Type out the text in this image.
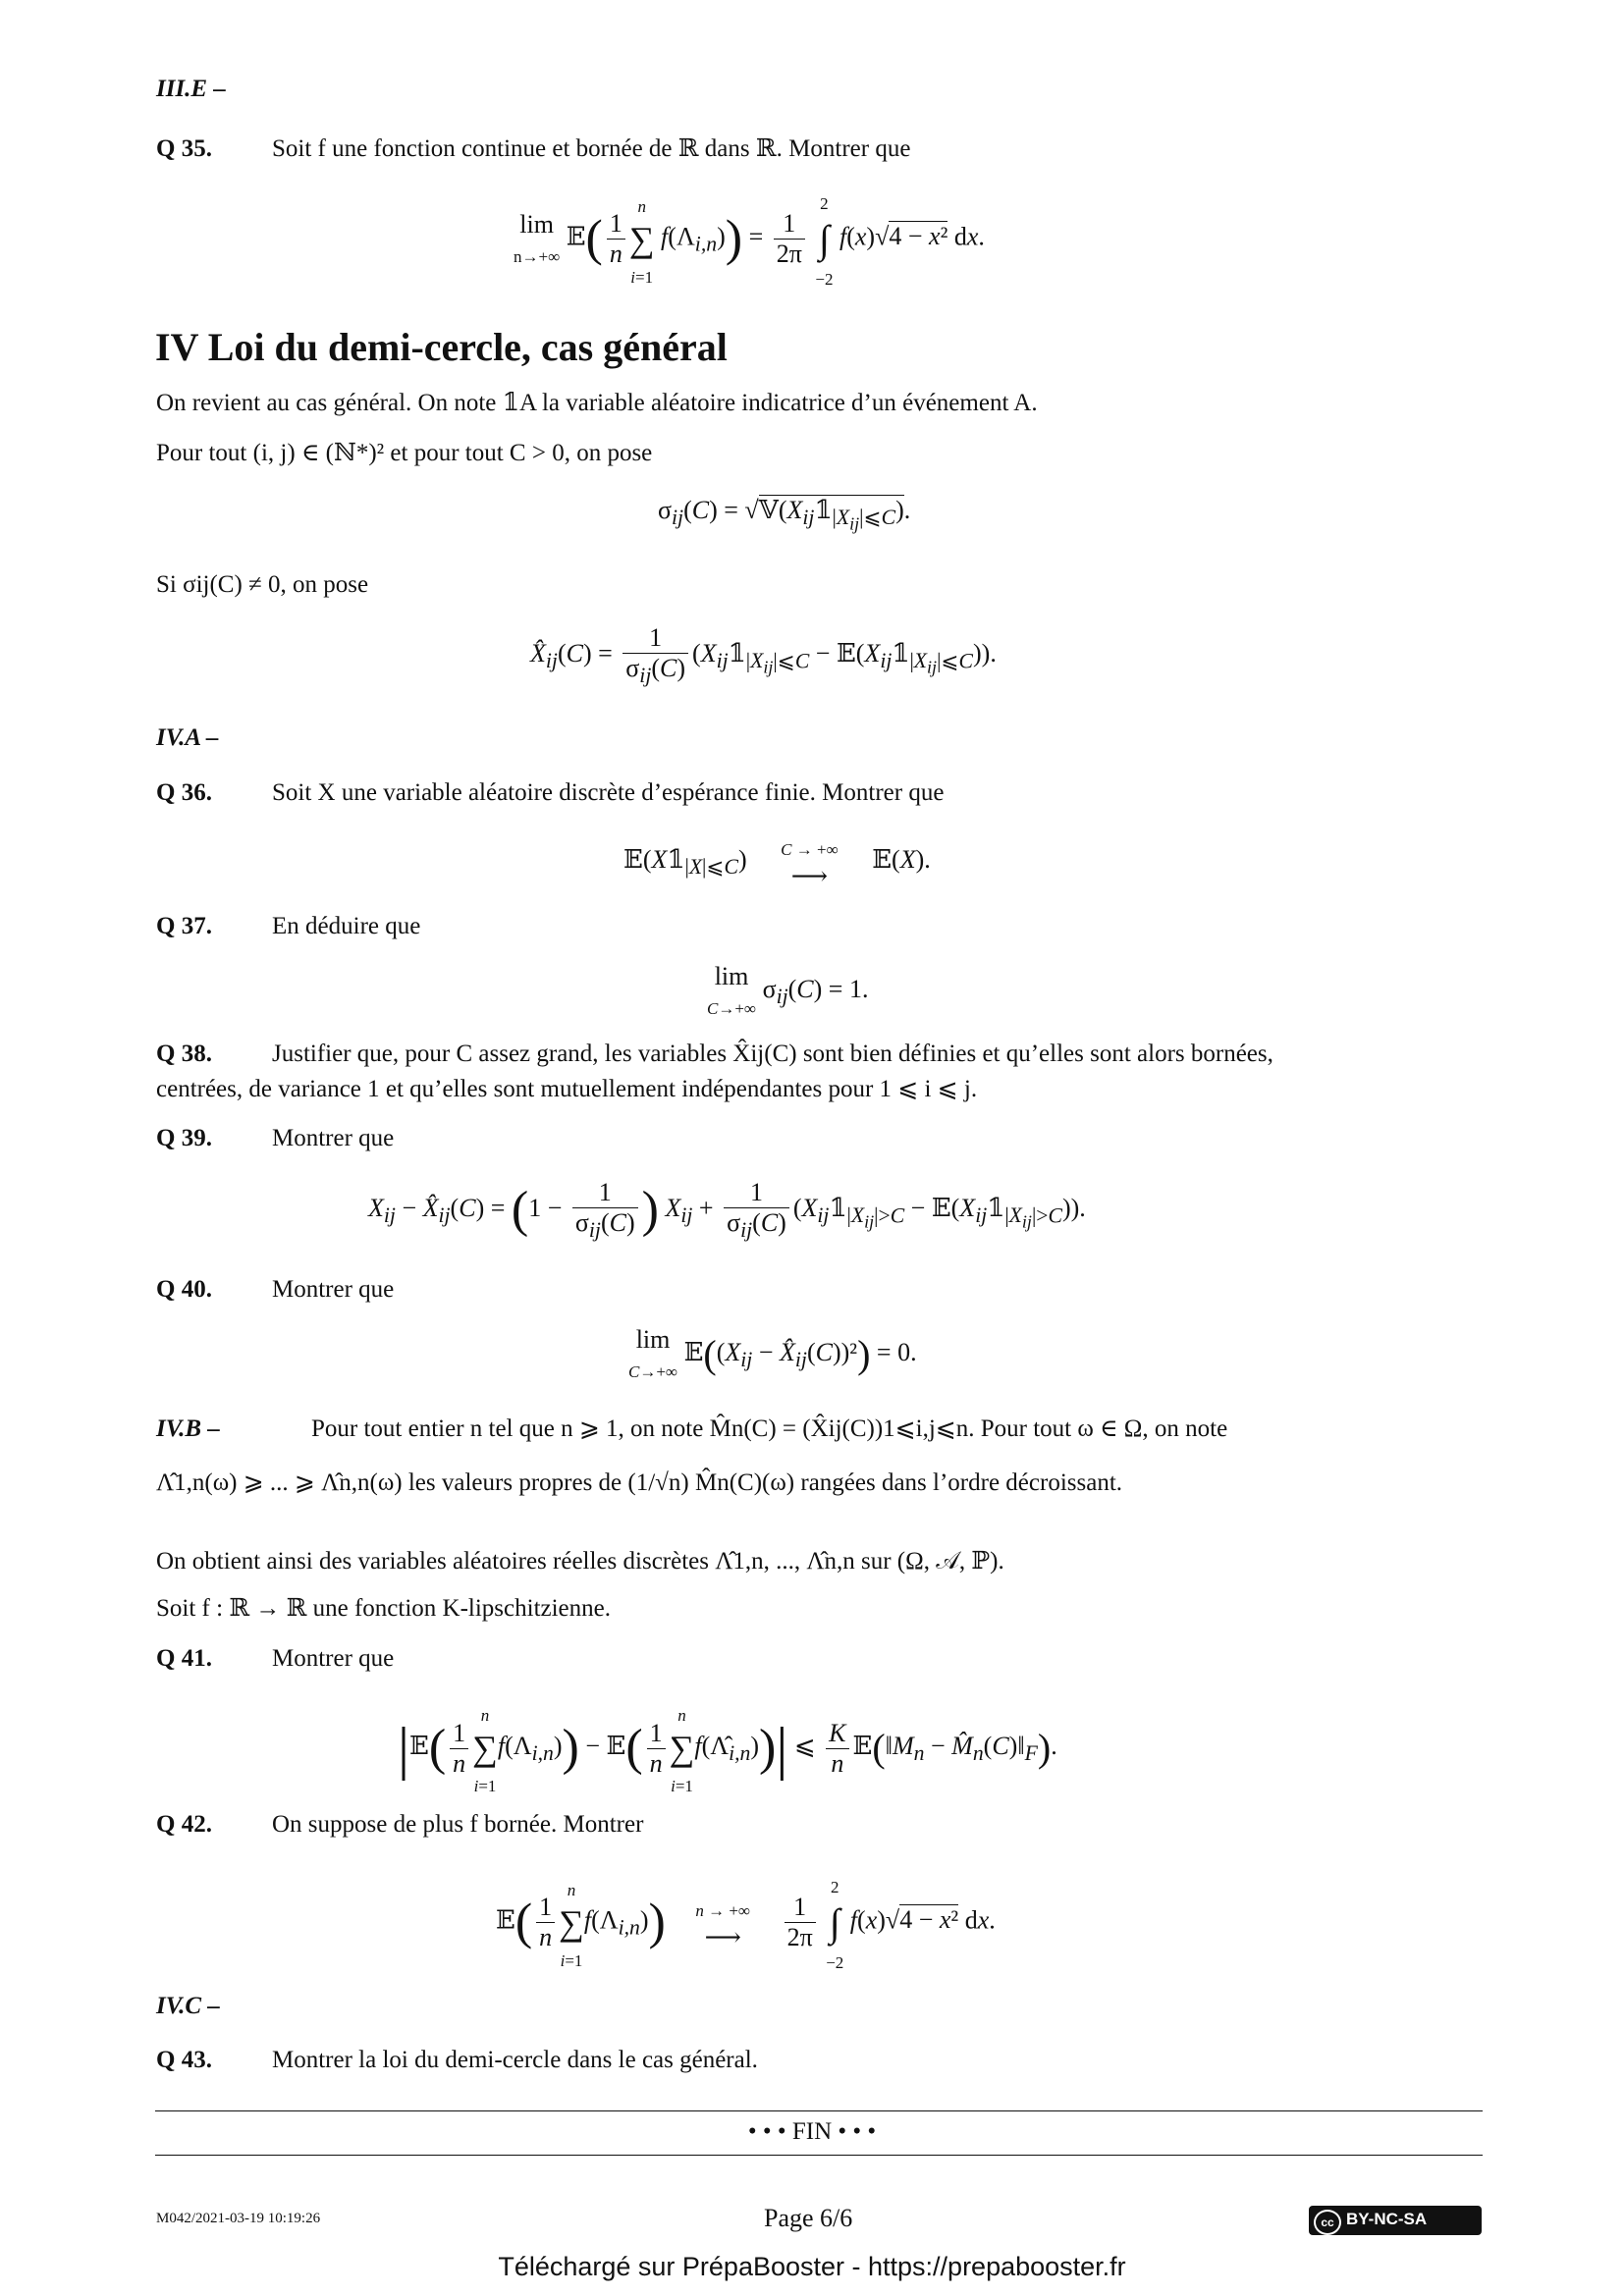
III.E –
Q 35. Soit f une fonction continue et bornée de ℝ dans ℝ. Montrer que
lim
n→+∞ 𝔼( $\frac{1}{n}$
n
∑
i=1 $f(\Lambda_{i,n})) = \frac{1}{2\pi}$
2
∫
−2 f(x)√4 − x² dx.
IV Loi du demi-cercle, cas général
On revient au cas général. On note 𝟙A la variable aléatoire indicatrice d’un événement A.
Pour tout (i, j) ∈ (ℕ*)² et pour tout C > 0, on pose
$\sigma_{ij}(C)$ = $√𝕍(X_{ij}𝟙_{|X_{ij}|⩽C})$.
Si σij(C) ≠ 0, on pose
$X̂_{ij}(C) = \frac{1}{\sigma_{ij}(C)}$ ($X_{ij}𝟙_{|X_{ij}|⩽C}$ − $𝔼(X_{ij}𝟙_{|X_{ij}|⩽C})$).
IV.A –
Q 36. Soit X une variable aléatoire discrète d’espérance finie. Montrer que
$𝔼(X𝟙_{|X|⩽C}) C$ → +∞
⟶ 𝔼(X).
Q 37. En déduire que
lim
C→+∞ $\sigma_{ij}(C) = 1$.
Q 38. Justifier que, pour C assez grand, les variables X̂ij(C) sont bien définies et qu’elles sont alors bornées,
centrées, de variance 1 et qu’elles sont mutuellement indépendantes pour 1 ⩽ i ⩽ j.
Q 39. Montrer que
$X_{ij}$ − $X̂_{ij}(C) = (1 - \frac{1}{\sigma_{ij}(C)}$ ) $X_{ij} + \frac{1}{\sigma_{ij}(C)}$ ($X_{ij}𝟙_{|X_{ij}|>C}$ − $𝔼(X_{ij}𝟙_{|X_{ij}|>C})$).
Q 40. Montrer que
lim
C→+∞ $𝔼((X_{ij}$ − $X̂_{ij}(C))^2) = 0$.
IV.B –	Pour tout entier n tel que n ⩾ 1, on note M̂n(C) = (X̂ij(C))1⩽i,j⩽n. Pour tout ω ∈ Ω, on note
Λ̂1,n(ω) ⩾ ... ⩾ Λ̂n,n(ω) les valeurs propres de (1/√n) M̂n(C)(ω) rangées dans l’ordre décroissant.
On obtient ainsi des variables aléatoires réelles discrètes Λ̂1,n, ..., Λ̂n,n sur (Ω, 𝒜, ℙ).
Soit f : ℝ → ℝ une fonction K-lipschitzienne.
Q 41. Montrer que
|𝔼( $\frac{1}{n}$
n
∑
$i=1f(\Lambda_{i,n})$) − 𝔼( $\frac{1}{n}$
n
∑
$i=1f(\Lambdâ_{i,n}))|$ ⩽ $\frac{K}{n}$ $𝔼(‖M_n$ − $M̂_n(C)‖_F$).
Q 42. On suppose de plus f bornée. Montrer
𝔼( $\frac{1}{n}$
n
∑
$i=1f(\Lambda_{i,n})$) n → +∞
⟶ $\frac{1}{2\pi}$
2
∫
−2 f(x)√4 − x² dx.
IV.C –
Q 43. Montrer la loi du demi-cercle dans le cas général.
• • • FIN • • •
M042/2021-03-19 10:19:26	Page 6/6	cc BY-NC-SA
Téléchargé sur PrépaBooster - https://prepabooster.fr
